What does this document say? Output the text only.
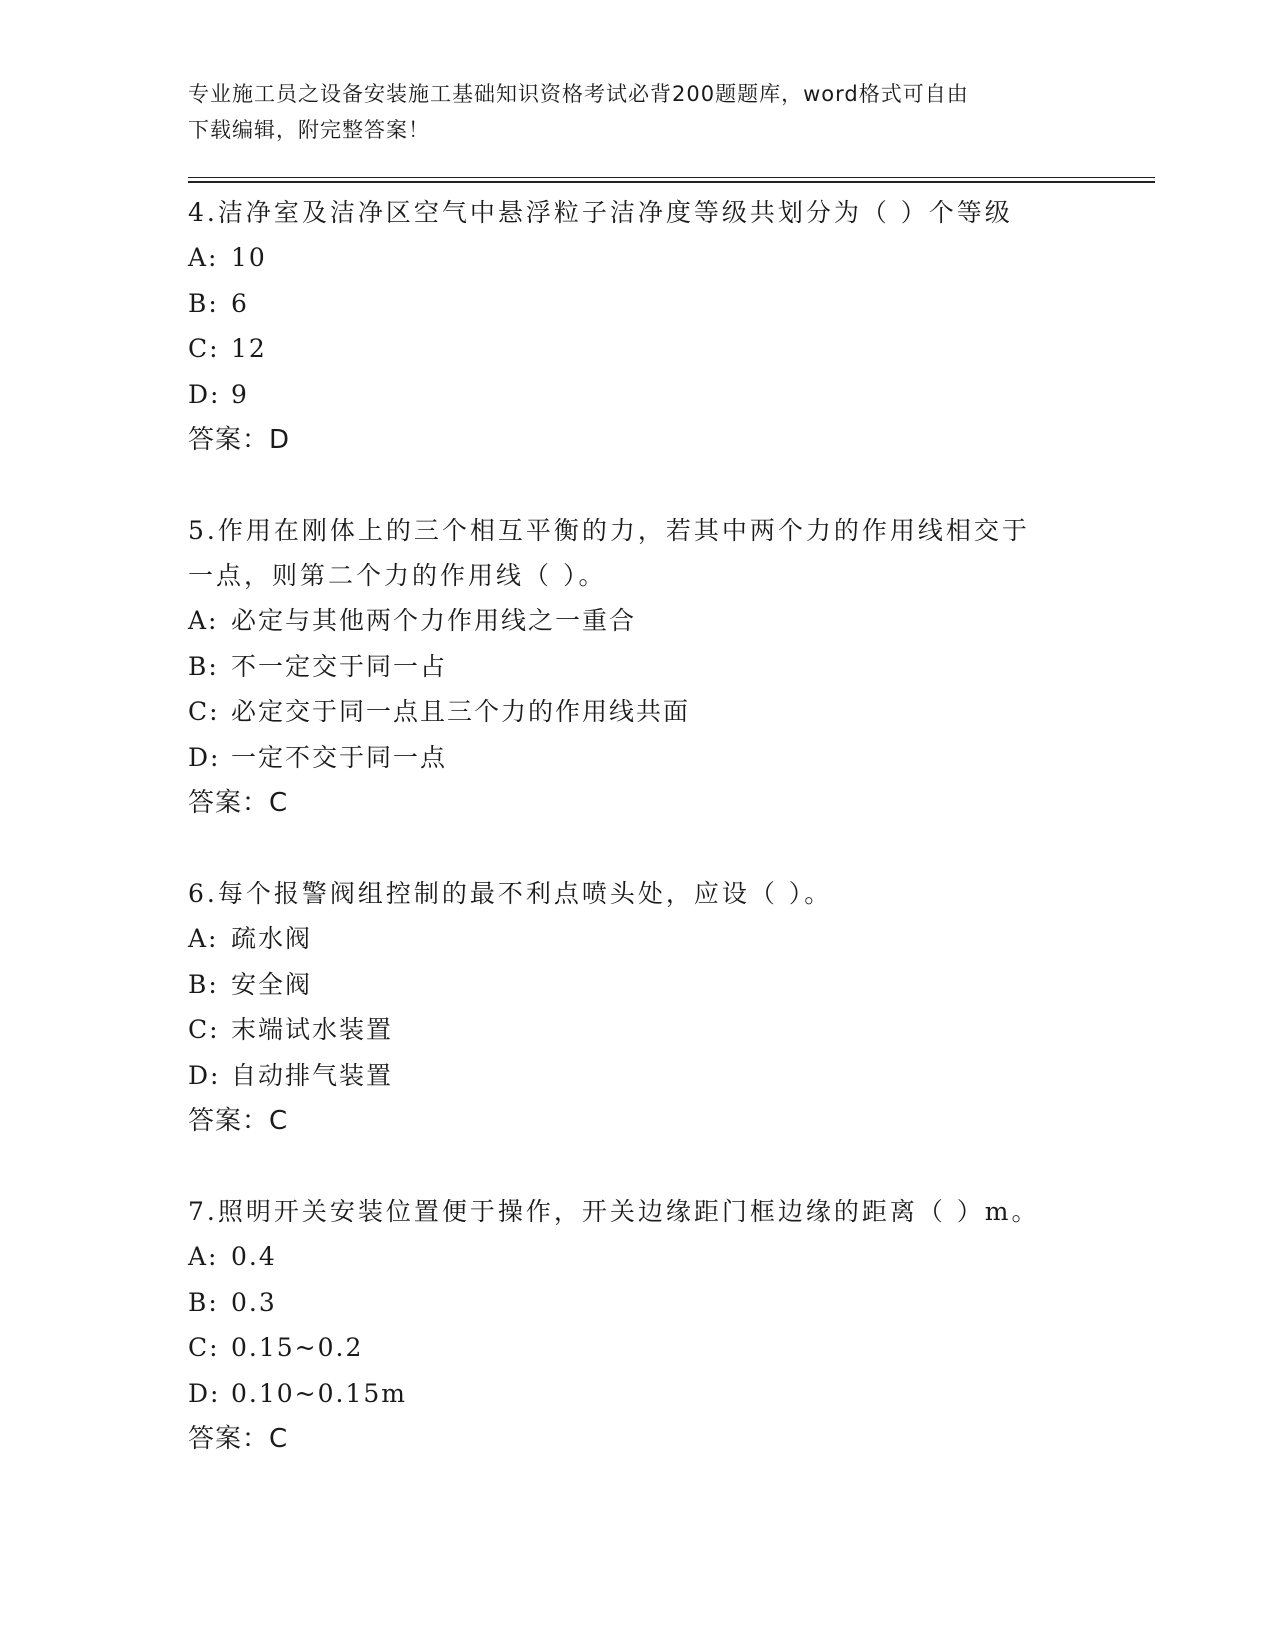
专业施工员之设备安装施工基础知识资格考试必背200题题库，word格式可自由
下载编辑，附完整答案！
4.洁净室及洁净区空气中悬浮粒子洁净度等级共划分为（ ）个等级
A: 10
B: 6
C: 12
D: 9
答案：D
5.作用在刚体上的三个相互平衡的力，若其中两个力的作用线相交于
一点，则第二个力的作用线（ ）。
A: 必定与其他两个力作用线之一重合
B: 不一定交于同一占
C: 必定交于同一点且三个力的作用线共面
D: 一定不交于同一点
答案：C
6.每个报警阀组控制的最不利点喷头处，应设（ ）。
A: 疏水阀
B: 安全阀
C: 末端试水装置
D: 自动排气装置
答案：C
7.照明开关安装位置便于操作，开关边缘距门框边缘的距离（ ）m。
A: 0.4
B: 0.3
C: 0.15~0.2
D: 0.10~0.15m
答案：C
